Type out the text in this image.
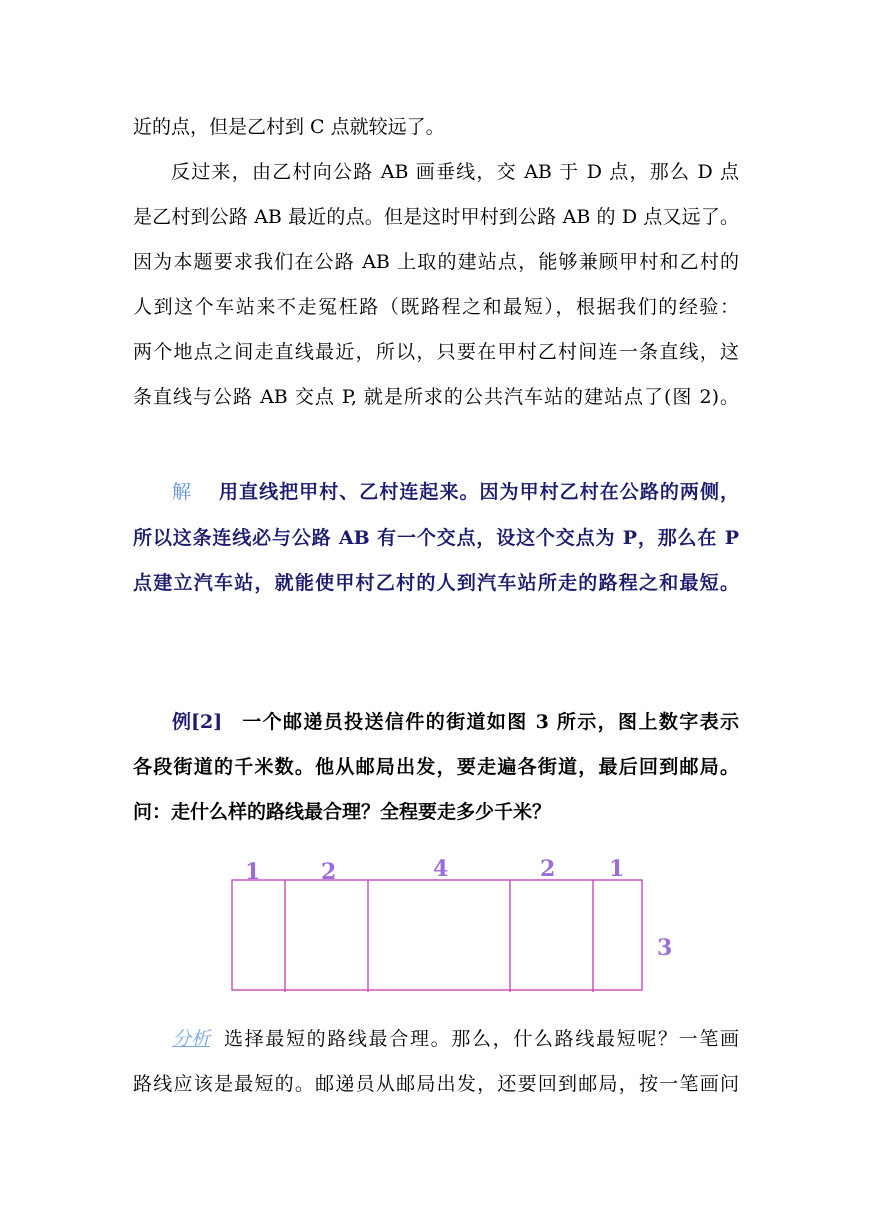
近的点，但是乙村到 C 点就较远了。
反过来，由乙村向公路 AB 画垂线，交 AB 于 D 点，那么 D 点
是乙村到公路 AB 最近的点。但是这时甲村到公路 AB 的 D 点又远了。
因为本题要求我们在公路 AB 上取的建站点，能够兼顾甲村和乙村的
人到这个车站来不走冤枉路（既路程之和最短），根据我们的经验：
两个地点之间走直线最近，所以，只要在甲村乙村间连一条直线，这
条直线与公路 AB 交点 P, 就是所求的公共汽车站的建站点了(图 2)。
解 用直线把甲村、乙村连起来。因为甲村乙村在公路的两侧，
所以这条连线必与公路 AB 有一个交点，设这个交点为 P，那么在 P
点建立汽车站，就能使甲村乙村的人到汽车站所走的路程之和最短。
例[2] 一个邮递员投送信件的街道如图 3 所示，图上数字表示
各段街道的千米数。他从邮局出发，要走遍各街道，最后回到邮局。
问：走什么样的路线最合理？全程要走多少千米？
1	2	4	2 1
3
分析 选择最短的路线最合理。那么，什么路线最短呢？一笔画
路线应该是最短的。邮递员从邮局出发，还要回到邮局，按一笔画问
